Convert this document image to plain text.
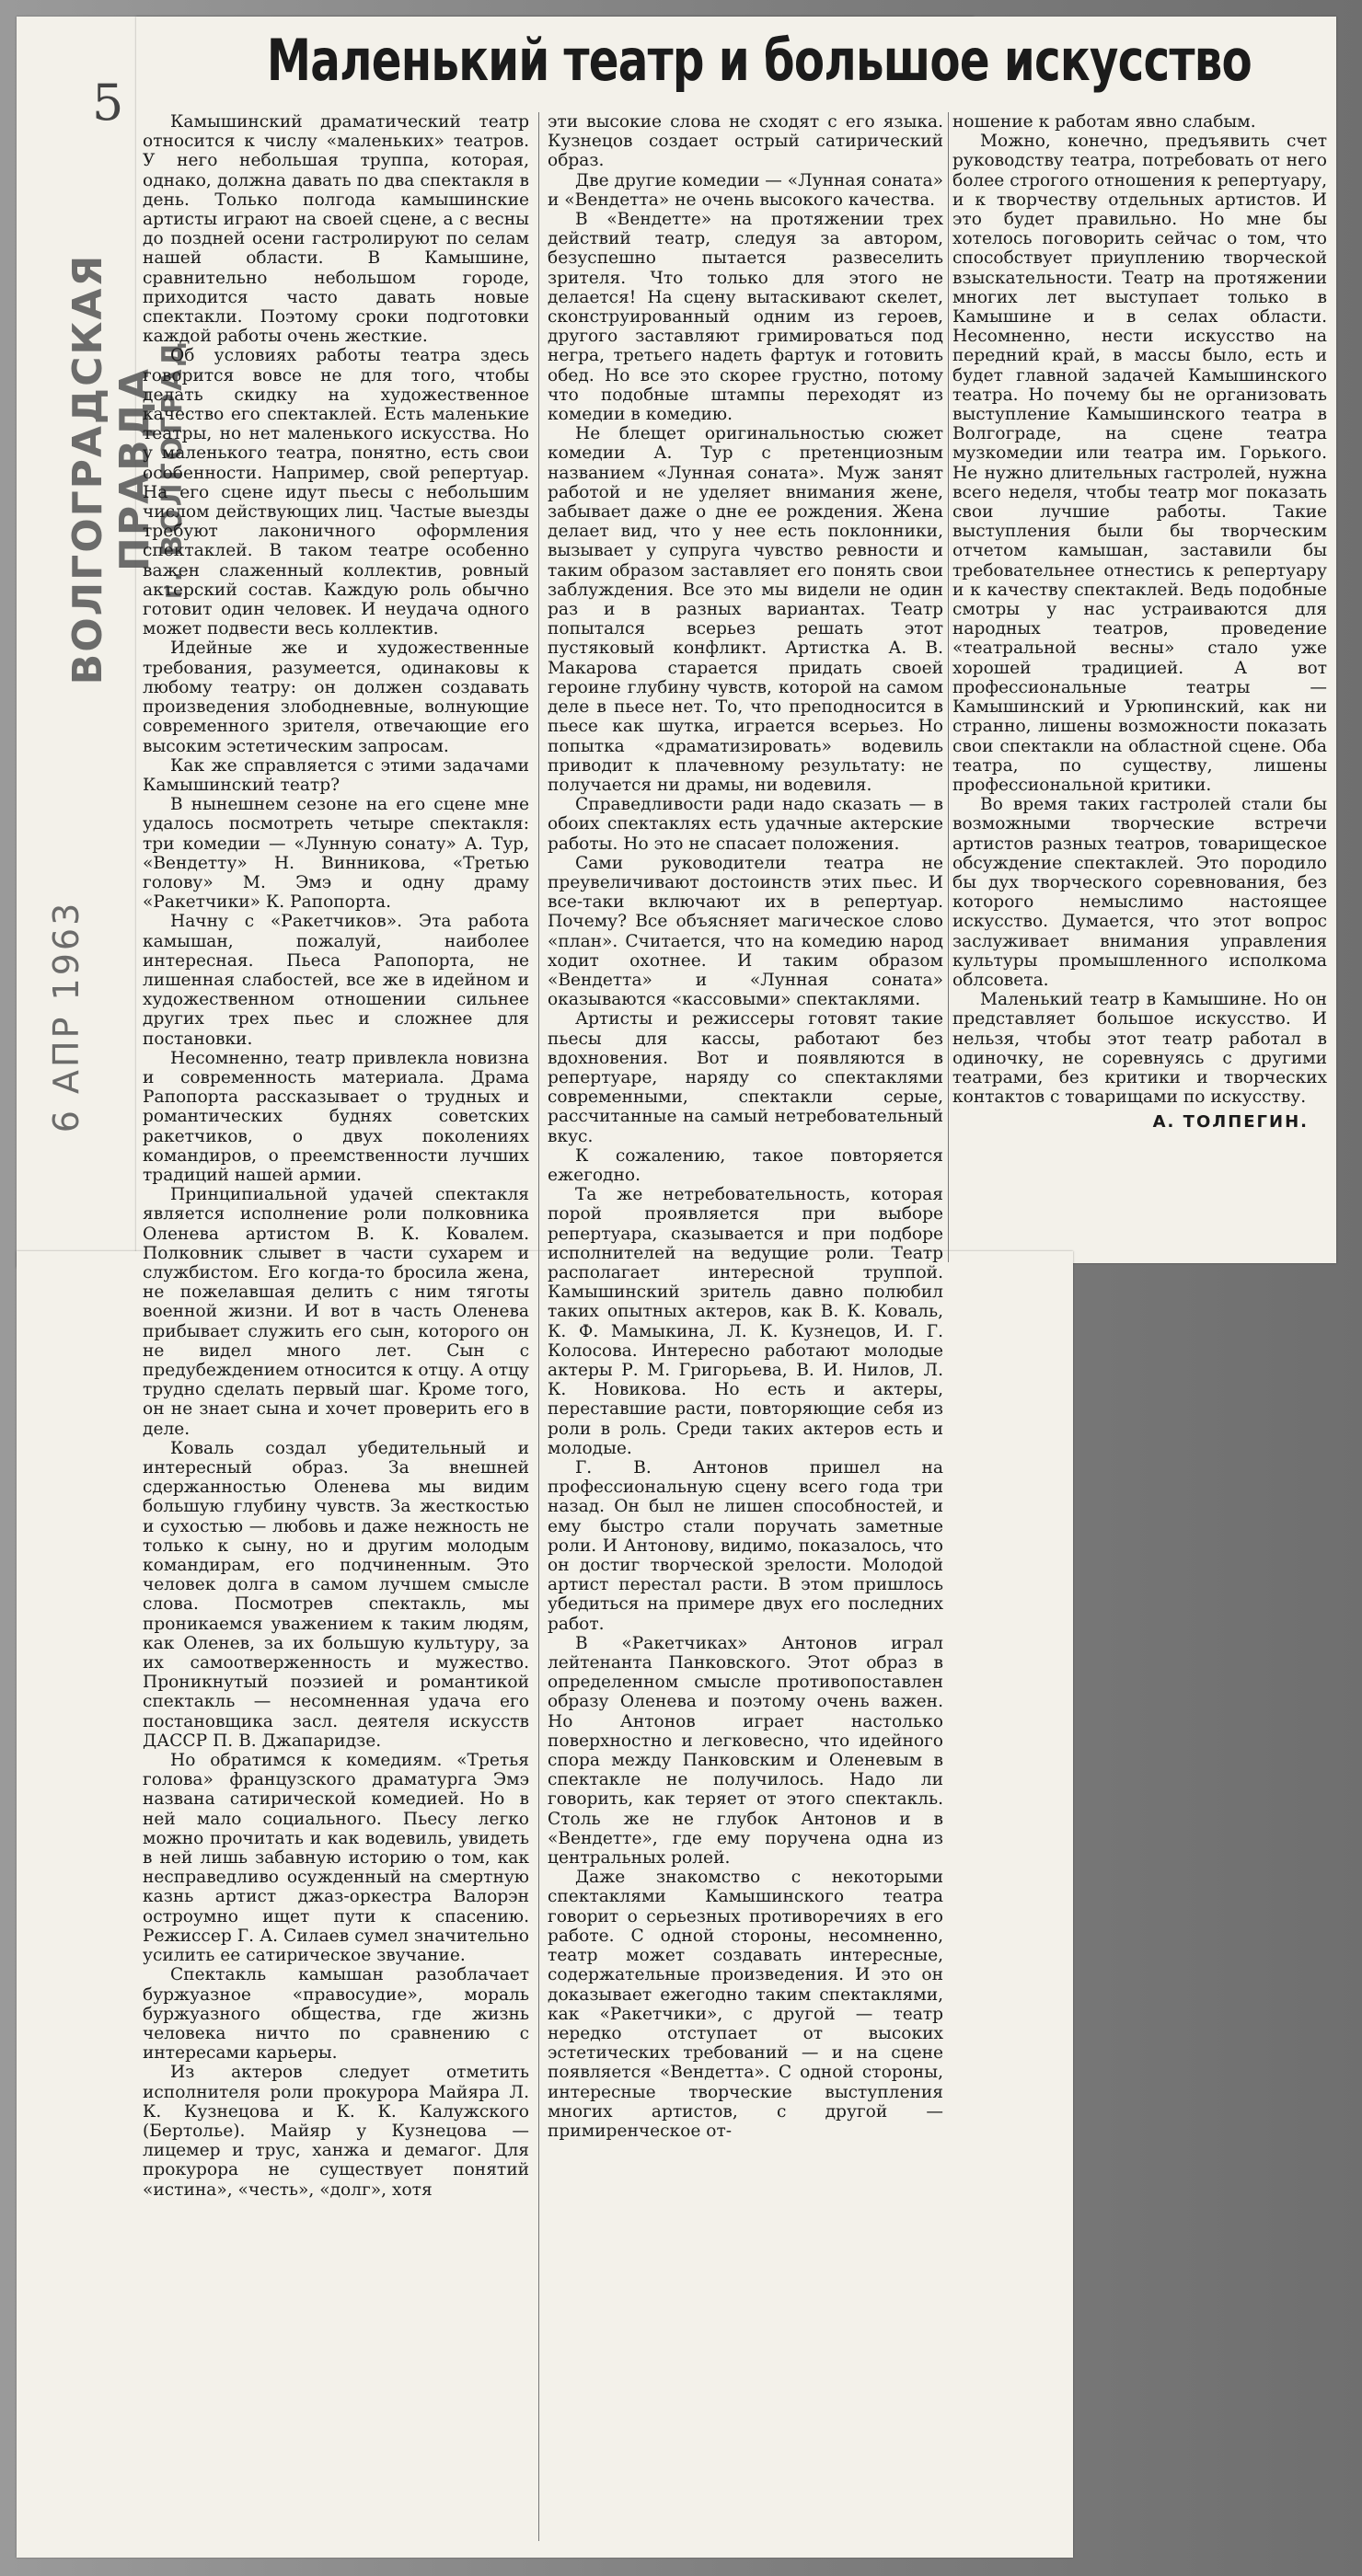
5
Маленький театр и большое искусство
ВОЛГОГРАДСКАЯ ПРАВДА
г. ВОЛГОГРАД
6 АПР 1963

Камышинский драматический театр относится к числу «маленьких» театров. У него небольшая труппа, которая, однако, должна давать по два спектакля в день. Только полгода камышинские артисты играют на своей сцене, а с весны до поздней осени гастролируют по селам нашей области. В Камышине, сравнительно небольшом городе, приходится часто давать новые спектакли. Поэтому сроки подготовки каждой работы очень жесткие.

Об условиях работы театра здесь говорится вовсе не для того, чтобы делать скидку на художественное качество его спектаклей. Есть маленькие театры, но нет маленького искусства. Но у маленького театра, понятно, есть свои особенности. Например, свой репертуар. На его сцене идут пьесы с небольшим числом действующих лиц. Частые выезды требуют лаконичного оформления спектаклей. В таком театре особенно важен слаженный коллектив, ровный актерский состав. Каждую роль обычно готовит один человек. И неудача одного может подвести весь коллектив.

Идейные же и художественные требования, разумеется, одинаковы к любому театру: он должен создавать произведения злободневные, волнующие современного зрителя, отвечающие его высоким эстетическим запросам.

Как же справляется с этими задачами Камышинский театр?

В нынешнем сезоне на его сцене мне удалось посмотреть четыре спектакля: три комедии — «Лунную сонату» А. Тур, «Вендетту» Н. Винникова, «Третью голову» М. Эмэ и одну драму «Ракетчики» К. Рапопорта.

Начну с «Ракетчиков». Эта работа камышан, пожалуй, наиболее интересная. Пьеса Рапопорта, не лишенная слабостей, все же в идейном и художественном отношении сильнее других трех пьес и сложнее для постановки.

Несомненно, театр привлекла новизна и современность материала. Драма Рапопорта рассказывает о трудных и романтических буднях советских ракетчиков, о двух поколениях командиров, о преемственности лучших традиций нашей армии.

Принципиальной удачей спектакля является исполнение роли полковника Оленева артистом В. К. Ковалем. Полковник слывет в части сухарем и службистом. Его когда-то бросила жена, не пожелавшая делить с ним тяготы военной жизни. И вот в часть Оленева прибывает служить его сын, которого он не видел много лет. Сын с предубеждением относится к отцу. А отцу трудно сделать первый шаг. Кроме того, он не знает сына и хочет проверить его в деле.

Коваль создал убедительный и интересный образ. За внешней сдержанностью Оленева мы видим большую глубину чувств. За жесткостью и сухостью — любовь и даже нежность не только к сыну, но и другим молодым командирам, его подчиненным. Это человек долга в самом лучшем смысле слова. Посмотрев спектакль, мы проникаемся уважением к таким людям, как Оленев, за их большую культуру, за их самоотверженность и мужество. Проникнутый поэзией и романтикой спектакль — несомненная удача его постановщика засл. деятеля искусств ДАССР П. В. Джапаридзе.

Но обратимся к комедиям. «Третья голова» французского драматурга Эмэ названа сатирической комедией. Но в ней мало социального. Пьесу легко можно прочитать и как водевиль, увидеть в ней лишь забавную историю о том, как несправедливо осужденный на смертную казнь артист джаз-оркестра Валорэн остроумно ищет пути к спасению. Режиссер Г. А. Силаев сумел значительно усилить ее сатирическое звучание.

Спектакль камышан разоблачает буржуазное «правосудие», мораль буржуазного общества, где жизнь человека ничто по сравнению с интересами карьеры.

Из актеров следует отметить исполнителя роли прокурора Майяра Л. К. Кузнецова и К. К. Калужского (Бертолье). Майяр у Кузнецова — лицемер и трус, ханжа и демагог. Для прокурора не существует понятий «истина», «честь», «долг», хотя

эти высокие слова не сходят с его языка. Кузнецов создает острый сатирический образ.

Две другие комедии — «Лунная соната» и «Вендетта» не очень высокого качества.

В «Вендетте» на протяжении трех действий театр, следуя за автором, безуспешно пытается развеселить зрителя. Что только для этого не делается! На сцену вытаскивают скелет, сконструированный одним из героев, другого заставляют гримироваться под негра, третьего надеть фартук и готовить обед. Но все это скорее грустно, потому что подобные штампы переходят из комедии в комедию.

Не блещет оригинальностью сюжет комедии А. Тур с претенциозным названием «Лунная соната». Муж занят работой и не уделяет внимания жене, забывает даже о дне ее рождения. Жена делает вид, что у нее есть поклонники, вызывает у супруга чувство ревности и таким образом заставляет его понять свои заблуждения. Все это мы видели не один раз и в разных вариантах. Театр попытался всерьез решать этот пустяковый конфликт. Артистка А. В. Макарова старается придать своей героине глубину чувств, которой на самом деле в пьесе нет. То, что преподносится в пьесе как шутка, играется всерьез. Но попытка «драматизировать» водевиль приводит к плачевному результату: не получается ни драмы, ни водевиля.

Справедливости ради надо сказать — в обоих спектаклях есть удачные актерские работы. Но это не спасает положения.

Сами руководители театра не преувеличивают достоинств этих пьес. И все-таки включают их в репертуар. Почему? Все объясняет магическое слово «план». Считается, что на комедию народ ходит охотнее. И таким образом «Вендетта» и «Лунная соната» оказываются «кассовыми» спектаклями.

Артисты и режиссеры готовят такие пьесы для кассы, работают без вдохновения. Вот и появляются в репертуаре, наряду со спектаклями современными, спектакли серые, рассчитанные на самый нетребовательный вкус.

К сожалению, такое повторяется ежегодно.

Та же нетребовательность, которая порой проявляется при выборе репертуара, сказывается и при подборе исполнителей на ведущие роли. Театр располагает интересной труппой. Камышинский зритель давно полюбил таких опытных актеров, как В. К. Коваль, К. Ф. Мамыкина, Л. К. Кузнецов, И. Г. Колосова. Интересно работают молодые актеры Р. М. Григорьева, В. И. Нилов, Л. К. Новикова. Но есть и актеры, переставшие расти, повторяющие себя из роли в роль. Среди таких актеров есть и молодые.

Г. В. Антонов пришел на профессиональную сцену всего года три назад. Он был не лишен способностей, и ему быстро стали поручать заметные роли. И Антонову, видимо, показалось, что он достиг творческой зрелости. Молодой артист перестал расти. В этом пришлось убедиться на примере двух его последних работ.

В «Ракетчиках» Антонов играл лейтенанта Панковского. Этот образ в определенном смысле противопоставлен образу Оленева и поэтому очень важен. Но Антонов играет настолько поверхностно и легковесно, что идейного спора между Панковским и Оленевым в спектакле не получилось. Надо ли говорить, как теряет от этого спектакль. Столь же не глубок Антонов и в «Вендетте», где ему поручена одна из центральных ролей.

Даже знакомство с некоторыми спектаклями Камышинского театра говорит о серьезных противоречиях в его работе. С одной стороны, несомненно, театр может создавать интересные, содержательные произведения. И это он доказывает ежегодно таким спектаклями, как «Ракетчики», с другой — театр нередко отступает от высоких эстетических требований — и на сцене появляется «Вендетта». С одной стороны, интересные творческие выступления многих артистов, с другой — примиренческое от-

ношение к работам явно слабым.

Можно, конечно, предъявить счет руководству театра, потребовать от него более строгого отношения к репертуару, и к творчеству отдельных артистов. И это будет правильно. Но мне бы хотелось поговорить сейчас о том, что способствует приуплению творческой взыскательности. Театр на протяжении многих лет выступает только в Камышине и в селах области. Несомненно, нести искусство на передний край, в массы было, есть и будет главной задачей Камышинского театра. Но почему бы не организовать выступление Камышинского театра в Волгограде, на сцене театра музкомедии или театра им. Горького. Не нужно длительных гастролей, нужна всего неделя, чтобы театр мог показать свои лучшие работы. Такие выступления были бы творческим отчетом камышан, заставили бы требовательнее отнестись к репертуару и к качеству спектаклей. Ведь подобные смотры у нас устраиваются для народных театров, проведение «театральной весны» стало уже хорошей традицией. А вот профессиональные театры — Камышинский и Урюпинский, как ни странно, лишены возможности показать свои спектакли на областной сцене. Оба театра, по существу, лишены профессиональной критики.

Во время таких гастролей стали бы возможными творческие встречи артистов разных театров, товарищеское обсуждение спектаклей. Это породило бы дух творческого соревнования, без которого немыслимо настоящее искусство. Думается, что этот вопрос заслуживает внимания управления культуры промышленного исполкома облсовета.

Маленький театр в Камышине. Но он представляет большое искусство. И нельзя, чтобы этот театр работал в одиночку, не соревнуясь с другими театрами, без критики и творческих контактов с товарищами по искусству.

А. ТОЛПЕГИН.
